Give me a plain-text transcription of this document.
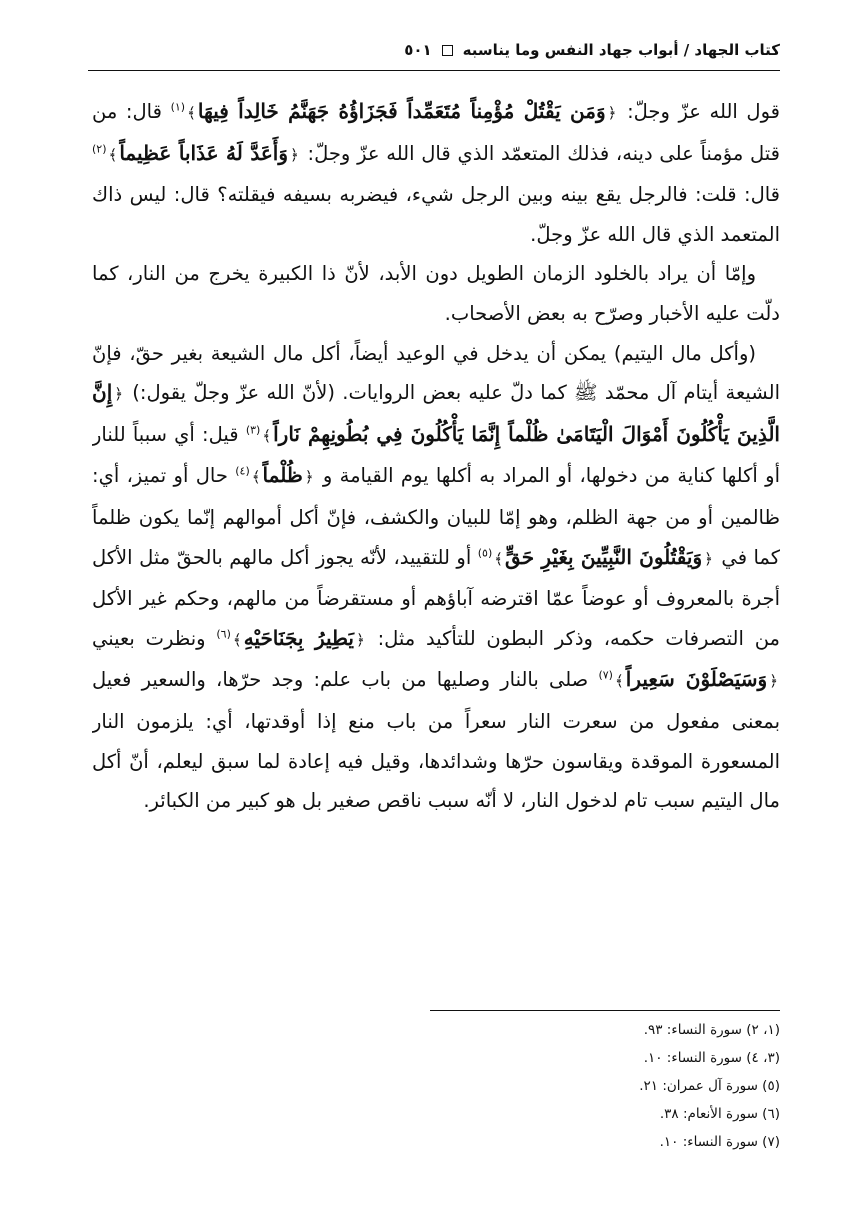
كتاب الجهاد / أبواب جهاد النفس وما يناسبه
٥٠١

قول الله عزّ وجلّ: ﴿وَمَن يَقْتُلْ مُؤْمِناً مُتَعَمِّداً فَجَزَاؤُهُ جَهَنَّمُ خَالِداً فِيهَا﴾$^{(١)}$ قال: من قتل مؤمناً على دينه، فذلك المتعمّد الذي قال الله عزّ وجلّ: ﴿وَأَعَدَّ لَهُ عَذَاباً عَظِيماً﴾$^{(٢)}$ قال: قلت: فالرجل يقع بينه وبين الرجل شيء، فيضربه بسيفه فيقلته؟ قال: ليس ذاك المتعمد الذي قال الله عزّ وجلّ.

وإمّا أن يراد بالخلود الزمان الطويل دون الأبد، لأنّ ذا الكبيرة يخرج من النار، كما دلّت عليه الأخبار وصرّح به بعض الأصحاب.

(وأكل مال اليتيم) يمكن أن يدخل في الوعيد أيضاً، أكل مال الشيعة بغير حقّ، فإنّ الشيعة أيتام آل محمّد ﷺ كما دلّ عليه بعض الروايات. (لأنّ الله عزّ وجلّ يقول:) ﴿إِنَّ الَّذِينَ يَأْكُلُونَ أَمْوَالَ الْيَتَامَىٰ ظُلْماً إِنَّمَا يَأْكُلُونَ فِي بُطُونِهِمْ نَاراً﴾$^{(٣)}$ قيل: أي سبباً للنار أو أكلها كناية من دخولها، أو المراد به أكلها يوم القيامة و ﴿ظُلْماً﴾$^{(٤)}$ حال أو تميز، أي: ظالمين أو من جهة الظلم، وهو إمّا للبيان والكشف، فإنّ أكل أموالهم إنّما يكون ظلماً كما في ﴿وَيَقْتُلُونَ النَّبِيِّينَ بِغَيْرِ حَقٍّ﴾$^{(٥)}$ أو للتقييد، لأنّه يجوز أكل مالهم بالحقّ مثل الأكل أجرة بالمعروف أو عوضاً عمّا اقترضه آباؤهم أو مستقرضاً من مالهم، وحكم غير الأكل من التصرفات حكمه، وذكر البطون للتأكيد مثل: ﴿يَطِيرُ بِجَنَاحَيْهِ﴾$^{(٦)}$ ونظرت بعيني ﴿وَسَيَصْلَوْنَ سَعِيراً﴾$^{(٧)}$ صلى بالنار وصليها من باب علم: وجد حرّها، والسعير فعيل بمعنى مفعول من سعرت النار سعراً من باب منع إذا أوقدتها، أي: يلزمون النار المسعورة الموقدة ويقاسون حرّها وشدائدها، وقيل فيه إعادة لما سبق ليعلم، أنّ أكل مال اليتيم سبب تام لدخول النار، لا أنّه سبب ناقص صغير بل هو كبير من الكبائر.

(١، ٢) سورة النساء: ٩٣.
(٣، ٤) سورة النساء: ١٠.
(٥) سورة آل عمران: ٢١.
(٦) سورة الأنعام: ٣٨.
(٧) سورة النساء: ١٠.
